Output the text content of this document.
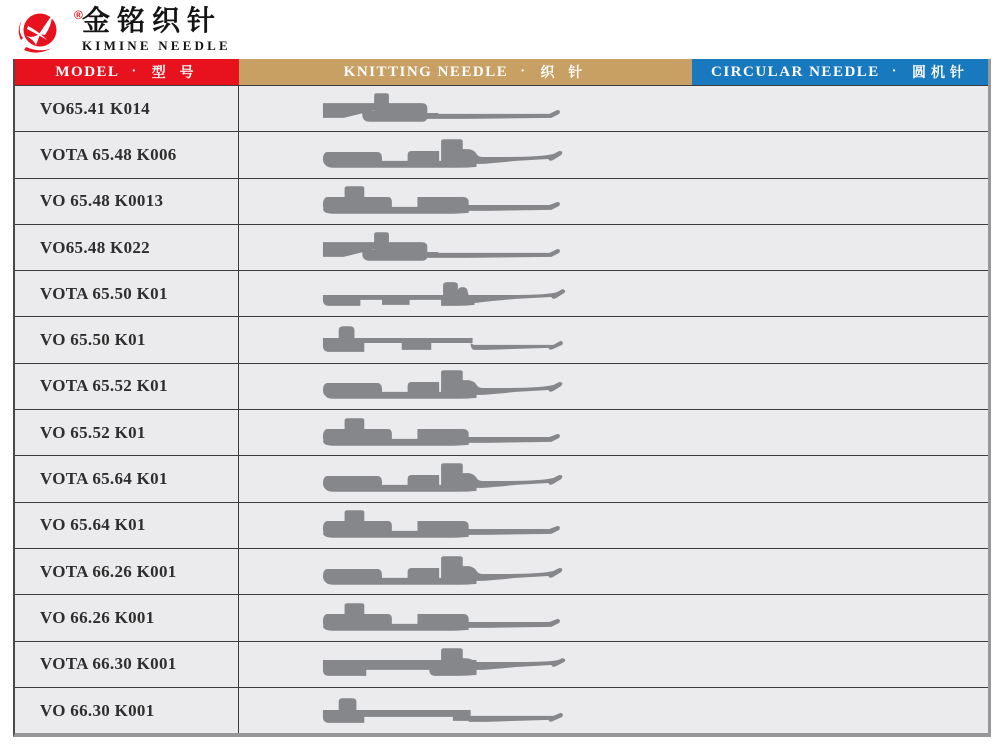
® 金铭织针
KIMINE NEEDLE
MODEL · 型 号	KNITTING NEEDLE · 织 针	CIRCULAR NEEDLE · 圆机针
VO65.41 K014
VOTA 65.48 K006
VO 65.48 K0013
VO65.48 K022
VOTA 65.50 K01
VO 65.50 K01
VOTA 65.52 K01
VO 65.52 K01
VOTA 65.64 K01
VO 65.64 K01
VOTA 66.26 K001
VO 66.26 K001
VOTA 66.30 K001
VO 66.30 K001
